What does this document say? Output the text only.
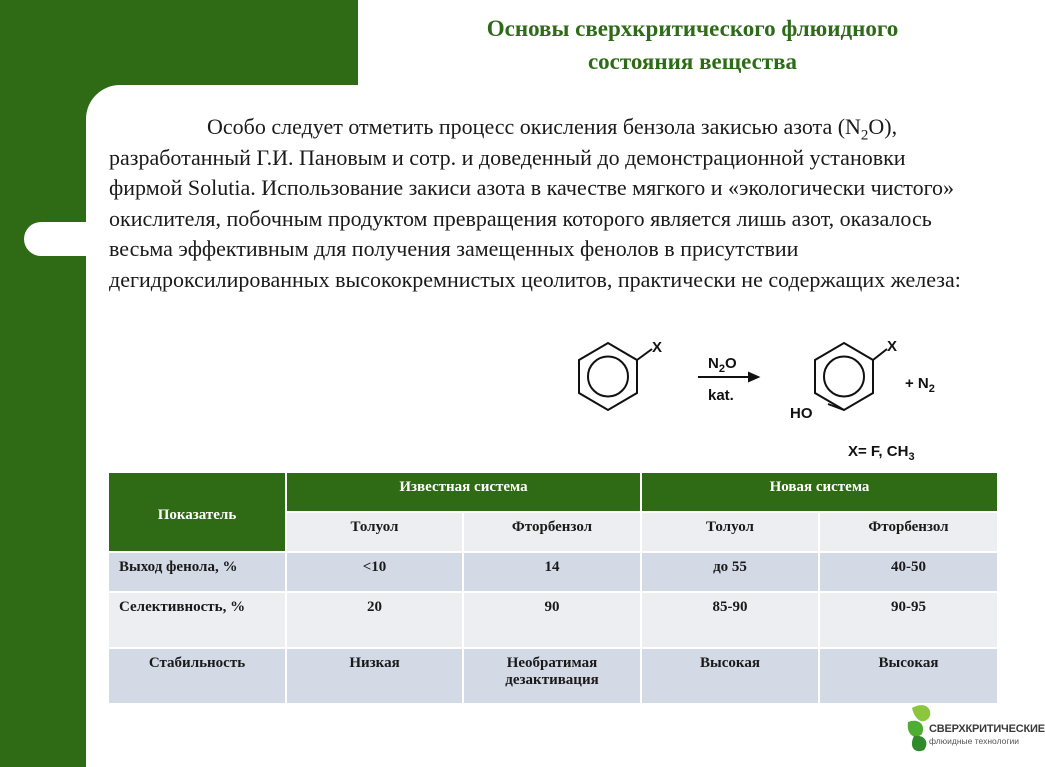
Основы сверхкритического флюидного
состояния вещества
Особо следует отметить процесс окисления бензола закисью азота $(N_2O)$, разработанный Г.И. Пановым и сотр. и доведенный до демонстрационной установки фирмой Solutia. Использование закиси азота в качестве мягкого и «экологически чистого» окислителя, побочным продуктом превращения которого является лишь азот, оказалось весьма эффективным для получения замещенных фенолов в присутствии дегидроксилированных высококремнистых цеолитов, практически не содержащих железа:
X
$N_2O$
kat.
X
HO
+ $N_2$
X= F, $CH_3$
Показатель	Известная система		Новая система	
	Толуол	Фторбензол	Толуол	Фторбензол
Выход фенола, %	<10	14	до 55	40-50
Селективность, %	20	90	85-90	90-95
Стабильность	Низкая	Необратимая дезактивация	Высокая	Высокая
СВЕРХКРИТИЧЕСКИЕ
флюидные технологии
